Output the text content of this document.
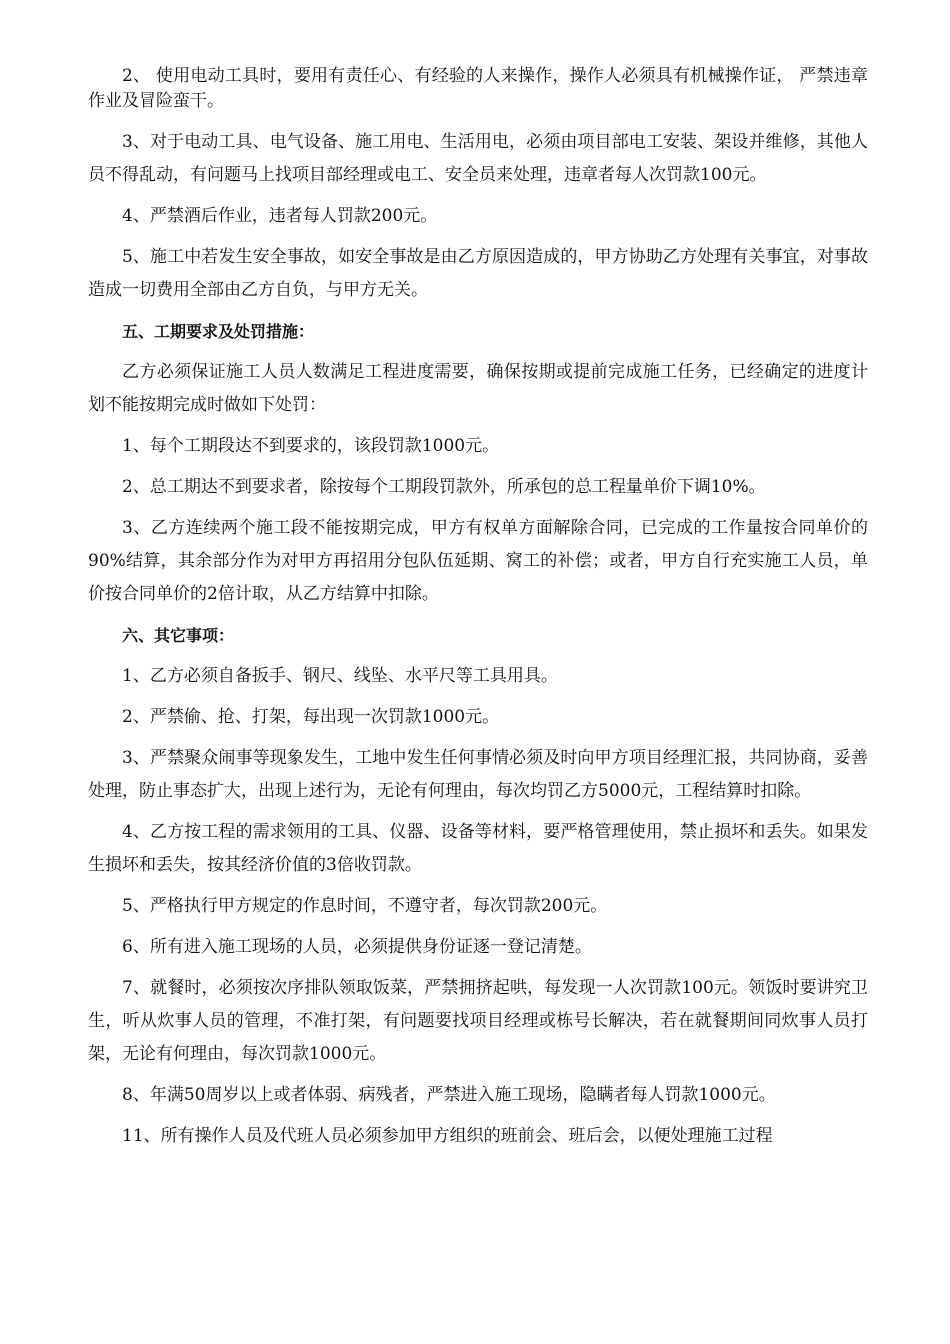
2、 使用电动工具时，要用有责任心、有经验的人来操作，操作人必须具有机械操作证， 严禁违章作业及冒险蛮干。

3、对于电动工具、电气设备、施工用电、生活用电，必须由项目部电工安装、架设并维修，其他人员不得乱动，有问题马上找项目部经理或电工、安全员来处理，违章者每人次罚款100元。

4、严禁酒后作业，违者每人罚款200元。

5、施工中若发生安全事故，如安全事故是由乙方原因造成的，甲方协助乙方处理有关事宜，对事故造成一切费用全部由乙方自负，与甲方无关。

五、工期要求及处罚措施：

乙方必须保证施工人员人数满足工程进度需要，确保按期或提前完成施工任务，已经确定的进度计划不能按期完成时做如下处罚：

1、每个工期段达不到要求的，该段罚款1000元。

2、总工期达不到要求者，除按每个工期段罚款外，所承包的总工程量单价下调10%。

3、乙方连续两个施工段不能按期完成，甲方有权单方面解除合同，已完成的工作量按合同单价的90%结算，其余部分作为对甲方再招用分包队伍延期、窝工的补偿；或者，甲方自行充实施工人员，单价按合同单价的2倍计取，从乙方结算中扣除。

六、其它事项：

1、乙方必须自备扳手、钢尺、线坠、水平尺等工具用具。

2、严禁偷、抢、打架，每出现一次罚款1000元。

3、严禁聚众闹事等现象发生，工地中发生任何事情必须及时向甲方项目经理汇报，共同协商，妥善处理，防止事态扩大，出现上述行为，无论有何理由，每次均罚乙方5000元，工程结算时扣除。

4、乙方按工程的需求领用的工具、仪器、设备等材料，要严格管理使用，禁止损坏和丢失。如果发生损坏和丢失，按其经济价值的3倍收罚款。

5、严格执行甲方规定的作息时间，不遵守者，每次罚款200元。

6、所有进入施工现场的人员，必须提供身份证逐一登记清楚。

7、就餐时，必须按次序排队领取饭菜，严禁拥挤起哄，每发现一人次罚款100元。领饭时要讲究卫生，听从炊事人员的管理，不准打架，有问题要找项目经理或栋号长解决，若在就餐期间同炊事人员打架，无论有何理由，每次罚款1000元。

8、年满50周岁以上或者体弱、病残者，严禁进入施工现场，隐瞒者每人罚款1000元。

11、所有操作人员及代班人员必须参加甲方组织的班前会、班后会，以便处理施工过程
